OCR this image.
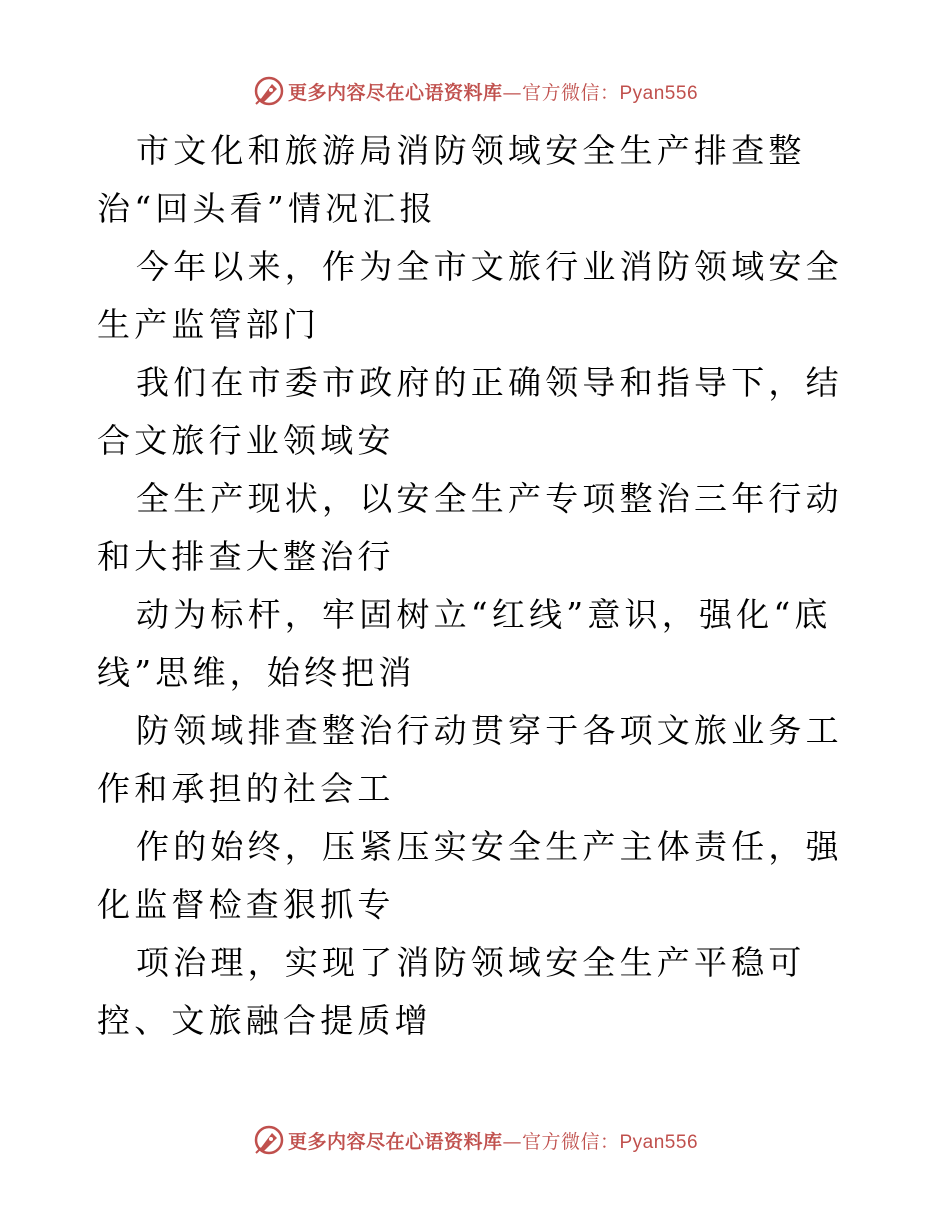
更多内容尽在心语资料库—官方微信：Pyan556

市文化和旅游局消防领域安全生产排查整治“回头看”情况汇报

今年以来，作为全市文旅行业消防领域安全生产监管部门

我们在市委市政府的正确领导和指导下，结合文旅行业领域安

全生产现状，以安全生产专项整治三年行动和大排查大整治行

动为标杆，牢固树立“红线”意识，强化“底线”思维，始终把消

防领域排查整治行动贯穿于各项文旅业务工作和承担的社会工

作的始终，压紧压实安全生产主体责任，强化监督检查狠抓专

项治理，实现了消防领域安全生产平稳可控、文旅融合提质增

更多内容尽在心语资料库—官方微信：Pyan556
